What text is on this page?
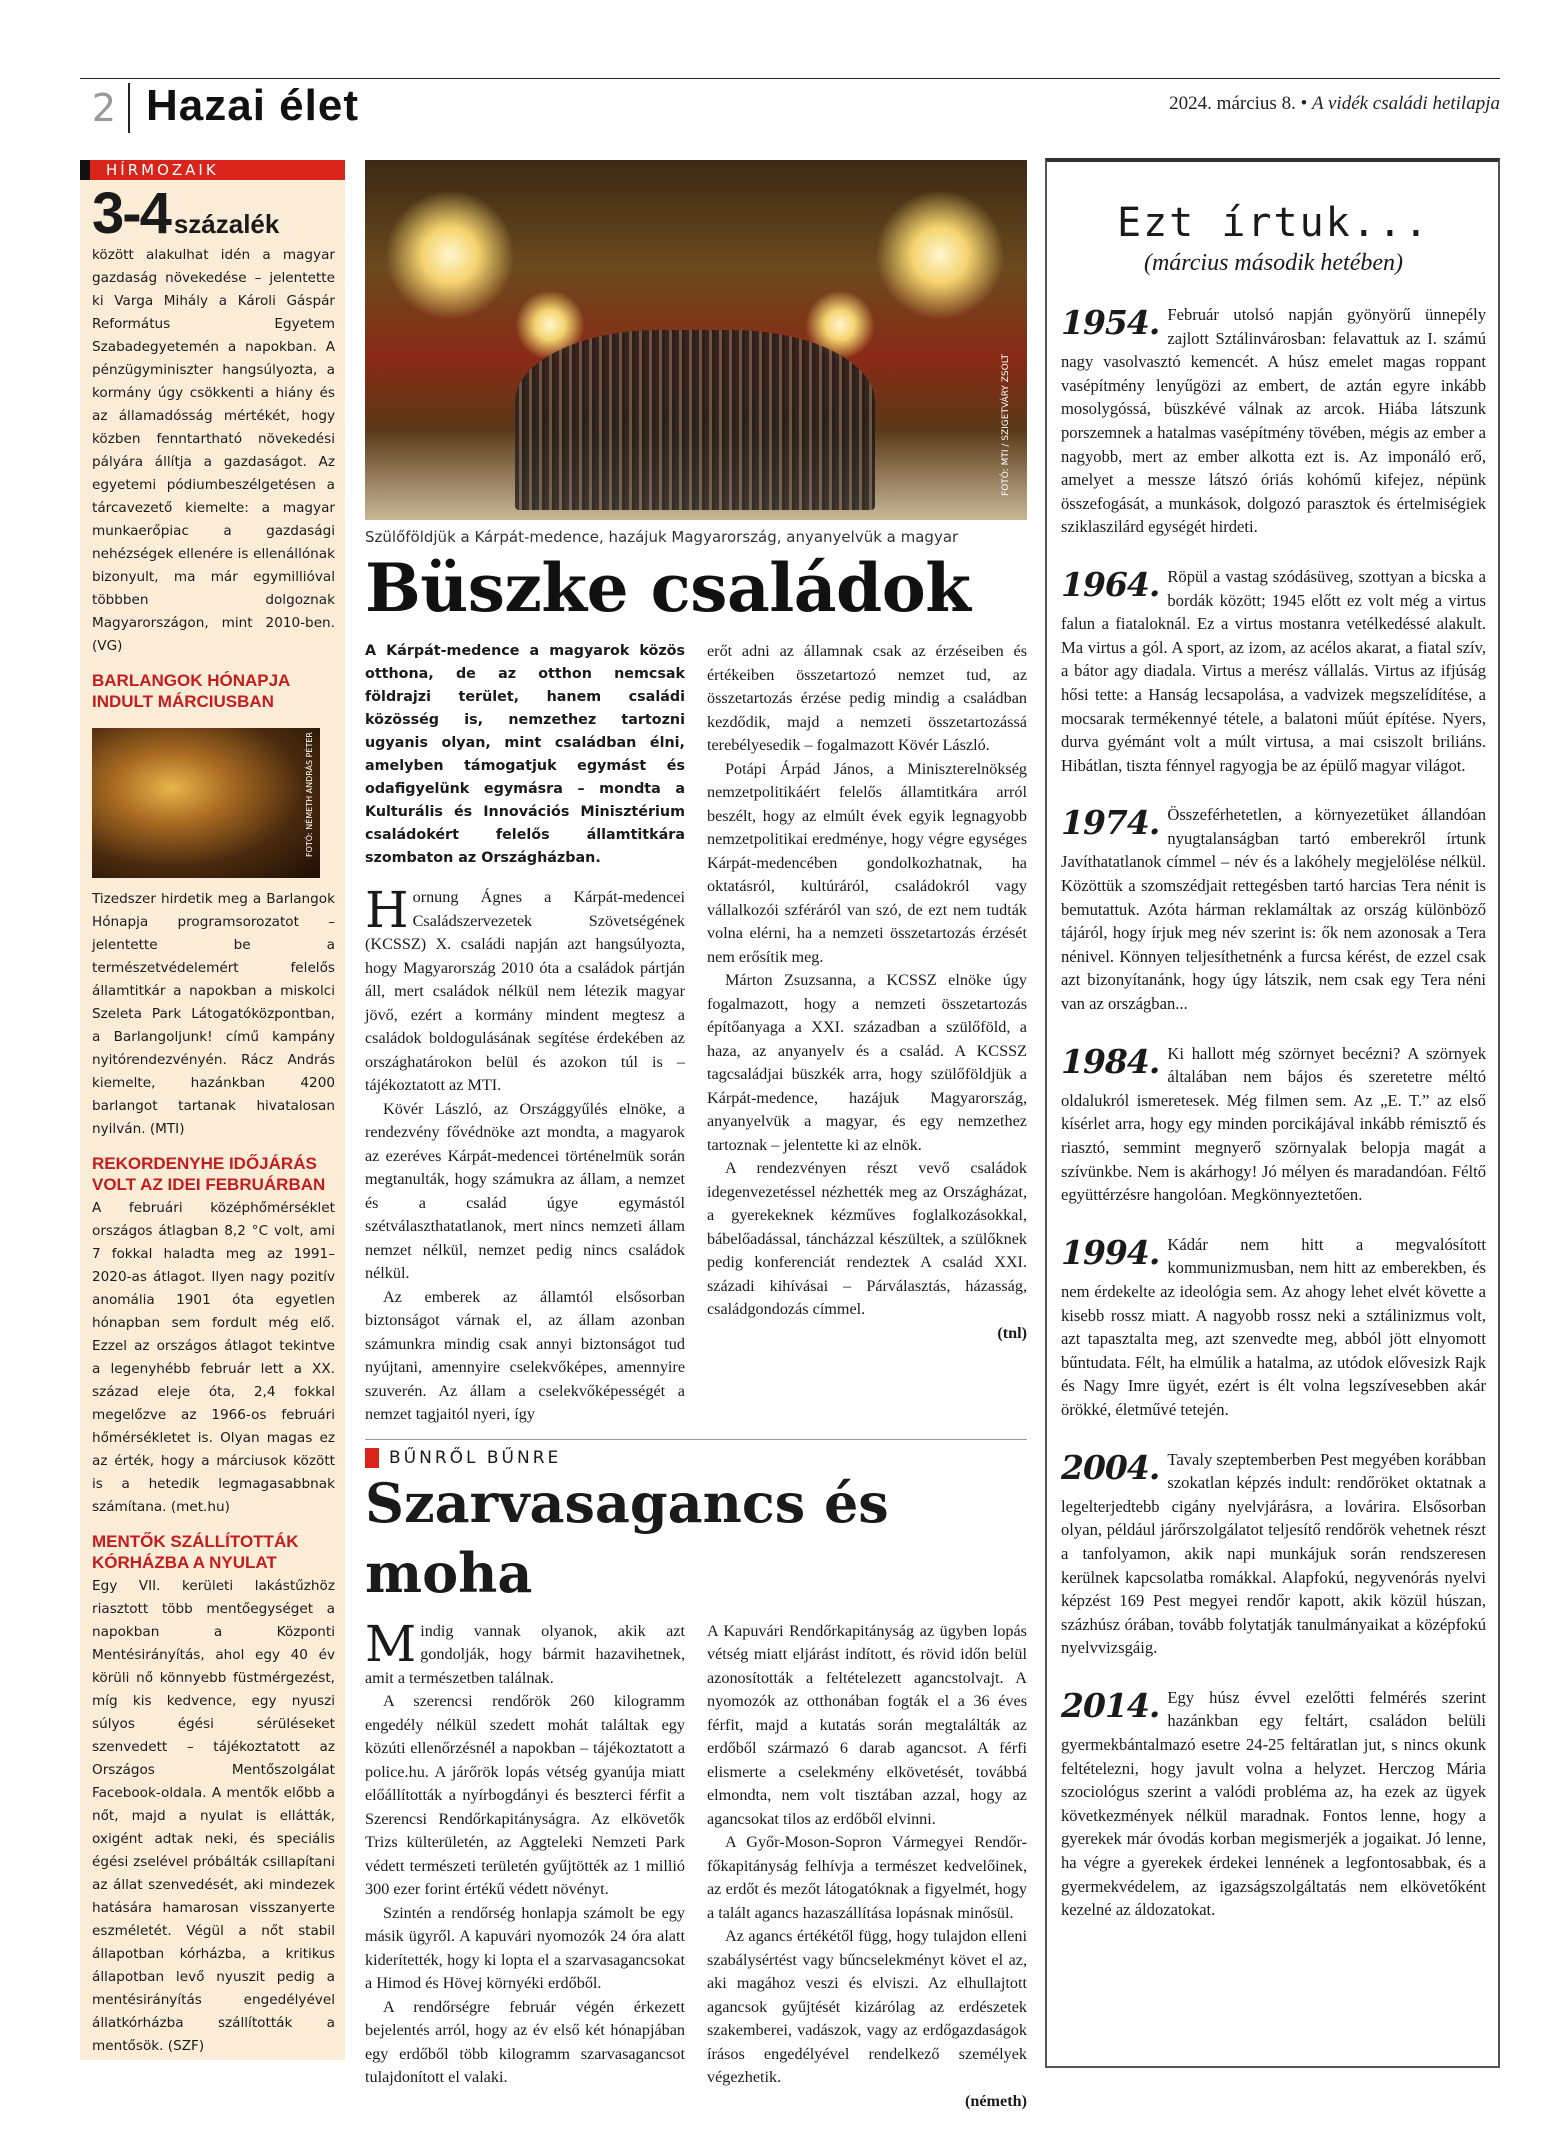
2 Hazai élet	2024. március 8. • A vidék családi hetilapja
HÍRMOZAIK
3-4 százalék
között alakulhat idén a magyar gazdaság növekedése – jelentette ki Varga Mihály a Károli Gáspár Református Egyetem Szabadegyetemén a napokban. A pénzügyminiszter hangsúlyozta, a kormány úgy csökkenti a hiány és az államadósság mértékét, hogy közben fenntartható növekedési pályára állítja a gazdaságot. Az egyetemi pódiumbeszélgetésen a tárcavezető kiemelte: a magyar munkaerőpiac a gazdasági nehézségek ellenére is ellenállónak bizonyult, ma már egymillióval többben dolgoznak Magyarországon, mint 2010-ben. (VG)
BARLANGOK HÓNAPJA INDULT MÁRCIUSBAN
FOTÓ: NÉMETH ANDRÁS PÉTER
Tizedszer hirdetik meg a Barlangok Hónapja programsorozatot – jelentette be a természetvédelemért felelős államtitkár a napokban a miskolci Szeleta Park Látogatóközpontban, a Barlangoljunk! című kampány nyitórendezvényén. Rácz András kiemelte, hazánkban 4200 barlangot tartanak hivatalosan nyilván. (MTI)
REKORDENYHE IDŐJÁRÁS VOLT AZ IDEI FEBRUÁRBAN
A februári középhőmérséklet országos átlagban 8,2 °C volt, ami 7 fokkal haladta meg az 1991–2020-as átlagot. Ilyen nagy pozitív anomália 1901 óta egyetlen hónapban sem fordult még elő. Ezzel az országos átlagot tekintve a legenyhébb február lett a XX. század eleje óta, 2,4 fokkal megelőzve az 1966-os februári hőmérsékletet is. Olyan magas ez az érték, hogy a márciusok között is a hetedik legmagasabbnak számítana. (met.hu)
MENTŐK SZÁLLÍTOTTÁK KÓRHÁZBA A NYULAT
Egy VII. kerületi lakástűzhöz riasztott több mentőegységet a napokban a Központi Mentésirányítás, ahol egy 40 év körüli nő könnyebb füstmérgezést, míg kis kedvence, egy nyuszi súlyos égési sérüléseket szenvedett – tájékoztatott az Országos Mentőszolgálat Facebook-oldala. A mentők előbb a nőt, majd a nyulat is ellátták, oxigént adtak neki, és speciális égési zselével próbálták csillapítani az állat szenvedését, aki mindezek hatására hamarosan visszanyerte eszméletét. Végül a nőt stabil állapotban kórházba, a kritikus állapotban levő nyuszit pedig a mentésirányítás engedélyével állatkórházba szállították a mentősök. (SZF)
FOTÓ: MTI / SZIGETVÁRY ZSOLT
Szülőföldjük a Kárpát-medence, hazájuk Magyarország, anyanyelvük a magyar
Büszke családok

A Kárpát-medence a magyarok közös otthona, de az otthon nemcsak földrajzi terület, hanem családi közösség is, nemzethez tartozni ugyanis olyan, mint családban élni, amelyben támogatjuk egymást és odafigyelünk egymásra – mondta a Kulturális és Innovációs Minisztérium családokért felelős államtitkára szombaton az Országházban.

Hornung Ágnes a Kárpát-medencei Családszervezetek Szövetségének (KCSSZ) X. családi napján azt hangsúlyozta, hogy Magyarország 2010 óta a családok pártján áll, mert családok nélkül nem létezik magyar jövő, ezért a kormány mindent megtesz a családok boldogulásának segítése érdekében az országhatárokon belül és azokon túl is – tájékoztatott az MTI.

Kövér László, az Országgyűlés elnöke, a rendezvény fővédnöke azt mondta, a magyarok az ezeréves Kárpát-medencei történelmük során megtanulták, hogy számukra az állam, a nemzet és a család úgye egymástól szétválaszthatatlanok, mert nincs nemzeti állam nemzet nélkül, nemzet pedig nincs családok nélkül.

Az emberek az államtól elsősorban biztonságot várnak el, az állam azonban számunkra mindig csak annyi biztonságot tud nyújtani, amennyire cselekvőképes, amennyire szuverén. Az állam a cselekvőképességét a nemzet tagjaitól nyeri, így

erőt adni az államnak csak az érzéseiben és értékeiben összetartozó nemzet tud, az összetartozás érzése pedig mindig a családban kezdődik, majd a nemzeti összetartozássá terebélyesedik – fogalmazott Kövér László.

Potápi Árpád János, a Miniszterelnökség nemzetpolitikáért felelős államtitkára arról beszélt, hogy az elmúlt évek egyik legnagyobb nemzetpolitikai eredménye, hogy végre egységes Kárpát-medencében gondolkozhatnak, ha oktatásról, kultúráról, családokról vagy vállalkozói szféráról van szó, de ezt nem tudták volna elérni, ha a nemzeti összetartozás érzését nem erősítik meg.

Márton Zsuzsanna, a KCSSZ elnöke úgy fogalmazott, hogy a nemzeti összetartozás építőanyaga a XXI. században a szülőföld, a haza, az anyanyelv és a család. A KCSSZ tagcsaládjai büszkék arra, hogy szülőföldjük a Kárpát-medence, hazájuk Magyarország, anyanyelvük a magyar, és egy nemzethez tartoznak – jelentette ki az elnök.

A rendezvényen részt vevő családok idegenvezetéssel nézhették meg az Országházat, a gyerekeknek kézműves foglalkozásokkal, bábelőadással, táncházzal készültek, a szülőknek pedig konferenciát rendeztek A család XXI. századi kihívásai – Párválasztás, házasság, családgondozás címmel.

(tnl)

BŰNRŐL BŰNRE
Szarvasagancs és moha

Mindig vannak olyanok, akik azt gondolják, hogy bármit hazavihetnek, amit a természetben találnak.

A szerencsi rendőrök 260 kilogramm engedély nélkül szedett mohát találtak egy közúti ellenőrzésnél a napokban – tájékoztatott a police.hu. A járőrök lopás vétség gyanúja miatt előállították a nyírbogdányi és beszterci férfit a Szerencsi Rendőrkapitányságra. Az elkövetők Trizs külterületén, az Aggteleki Nemzeti Park védett természeti területén gyűjtötték az 1 millió 300 ezer forint értékű védett növényt.

Szintén a rendőrség honlapja számolt be egy másik ügyről. A kapuvári nyomozók 24 óra alatt kiderítették, hogy ki lopta el a szarvasagancsokat a Himod és Hövej környéki erdőből.

A rendőrségre február végén érkezett bejelentés arról, hogy az év első két hónapjában egy erdőből több kilogramm szarvasagancsot tulajdonított el valaki.

A Kapuvári Rendőrkapitányság az ügyben lopás vétség miatt eljárást indított, és rövid időn belül azonosították a feltételezett agancstolvajt. A nyomozók az otthonában fogták el a 36 éves férfit, majd a kutatás során megtalálták az erdőből származó 6 darab agancsot. A férfi elismerte a cselekmény elkövetését, továbbá elmondta, nem volt tisztában azzal, hogy az agancsokat tilos az erdőből elvinni.

A Győr-Moson-Sopron Vármegyei Rendőr-főkapitányság felhívja a természet kedvelőinek, az erdőt és mezőt látogatóknak a figyelmét, hogy a talált agancs hazaszállítása lopásnak minősül.

Az agancs értékétől függ, hogy tulajdon elleni szabálysértést vagy bűncselekményt követ el az, aki magához veszi és elviszi. Az elhullajtott agancsok gyűjtését kizárólag az erdészetek szakemberei, vadászok, vagy az erdőgazdaságok írásos engedélyével rendelkező személyek végezhetik.

(németh)

Ezt írtuk...
(március második hetében)
1954. Február utolsó napján gyönyörű ünnepély zajlott Sztálinvárosban: felavattuk az I. számú nagy vasolvasztó kemencét. A húsz emelet magas roppant vasépítmény lenyűgözi az embert, de aztán egyre inkább mosolygóssá, büszkévé válnak az arcok. Hiába látszunk porszemnek a hatalmas vasépítmény tövében, mégis az ember a nagyobb, mert az ember alkotta ezt is. Az imponáló erő, amelyet a messze látszó óriás kohómű kifejez, népünk összefogását, a munkások, dolgozó parasztok és értelmiségiek sziklaszilárd egységét hirdeti.
1964. Röpül a vastag szódásüveg, szottyan a bicska a bordák között; 1945 előtt ez volt még a virtus falun a fiataloknál. Ez a virtus mostanra vetélkedéssé alakult. Ma virtus a gól. A sport, az izom, az acélos akarat, a fiatal szív, a bátor agy diadala. Virtus a merész vállalás. Virtus az ifjúság hősi tette: a Hanság lecsapolása, a vadvizek megszelídítése, a mocsarak termékennyé tétele, a balatoni műút építése. Nyers, durva gyémánt volt a múlt virtusa, a mai csiszolt briliáns. Hibátlan, tiszta fénnyel ragyogja be az épülő magyar világot.
1974. Összeférhetetlen, a környezetüket állandóan nyugtalanságban tartó emberekről írtunk Javíthatatlanok címmel – név és a lakóhely megjelölése nélkül. Közöttük a szomszédjait rettegésben tartó harcias Tera nénit is bemutattuk. Azóta hárman reklamáltak az ország különböző tájáról, hogy írjuk meg név szerint is: ők nem azonosak a Tera nénivel. Könnyen teljesíthetnénk a furcsa kérést, de ezzel csak azt bizonyítanánk, hogy úgy látszik, nem csak egy Tera néni van az országban...
1984. Ki hallott még szörnyet becézni? A szörnyek általában nem bájos és szeretetre méltó oldalukról ismeretesek. Még filmen sem. Az „E. T.” az első kísérlet arra, hogy egy minden porcikájával inkább rémisztő és riasztó, semmint megnyerő szörnyalak belopja magát a szívünkbe. Nem is akárhogy! Jó mélyen és maradandóan. Féltő együttérzésre hangolóan. Megkönnyeztetően.
1994. Kádár nem hitt a megvalósított kommunizmusban, nem hitt az emberekben, és nem érdekelte az ideológia sem. Az ahogy lehet elvét követte a kisebb rossz miatt. A nagyobb rossz neki a sztálinizmus volt, azt tapasztalta meg, azt szenvedte meg, abból jött elnyomott bűntudata. Félt, ha elmúlik a hatalma, az utódok elővesizk Rajk és Nagy Imre ügyét, ezért is élt volna legszívesebben akár örökké, életművé tetején.
2004. Tavaly szeptemberben Pest megyében korábban szokatlan képzés indult: rendőröket oktatnak a legelterjedtebb cigány nyelvjárásra, a lovárira. Elsősorban olyan, például járőrszolgálatot teljesítő rendőrök vehetnek részt a tanfolyamon, akik napi munkájuk során rendszeresen kerülnek kapcsolatba romákkal. Alapfokú, negyvenórás nyelvi képzést 169 Pest megyei rendőr kapott, akik közül húszan, százhúsz órában, tovább folytatják tanulmányaikat a középfokú nyelvvizsgáig.
2014. Egy húsz évvel ezelőtti felmérés szerint hazánkban egy feltárt, családon belüli gyermekbántalmazó esetre 24-25 feltáratlan jut, s nincs okunk feltételezni, hogy javult volna a helyzet. Herczog Mária szociológus szerint a valódi probléma az, ha ezek az ügyek következmények nélkül maradnak. Fontos lenne, hogy a gyerekek már óvodás korban megismerjék a jogaikat. Jó lenne, ha végre a gyerekek érdekei lennének a legfontosabbak, és a gyermekvédelem, az igazságszolgáltatás nem elkövetőként kezelné az áldozatokat.
